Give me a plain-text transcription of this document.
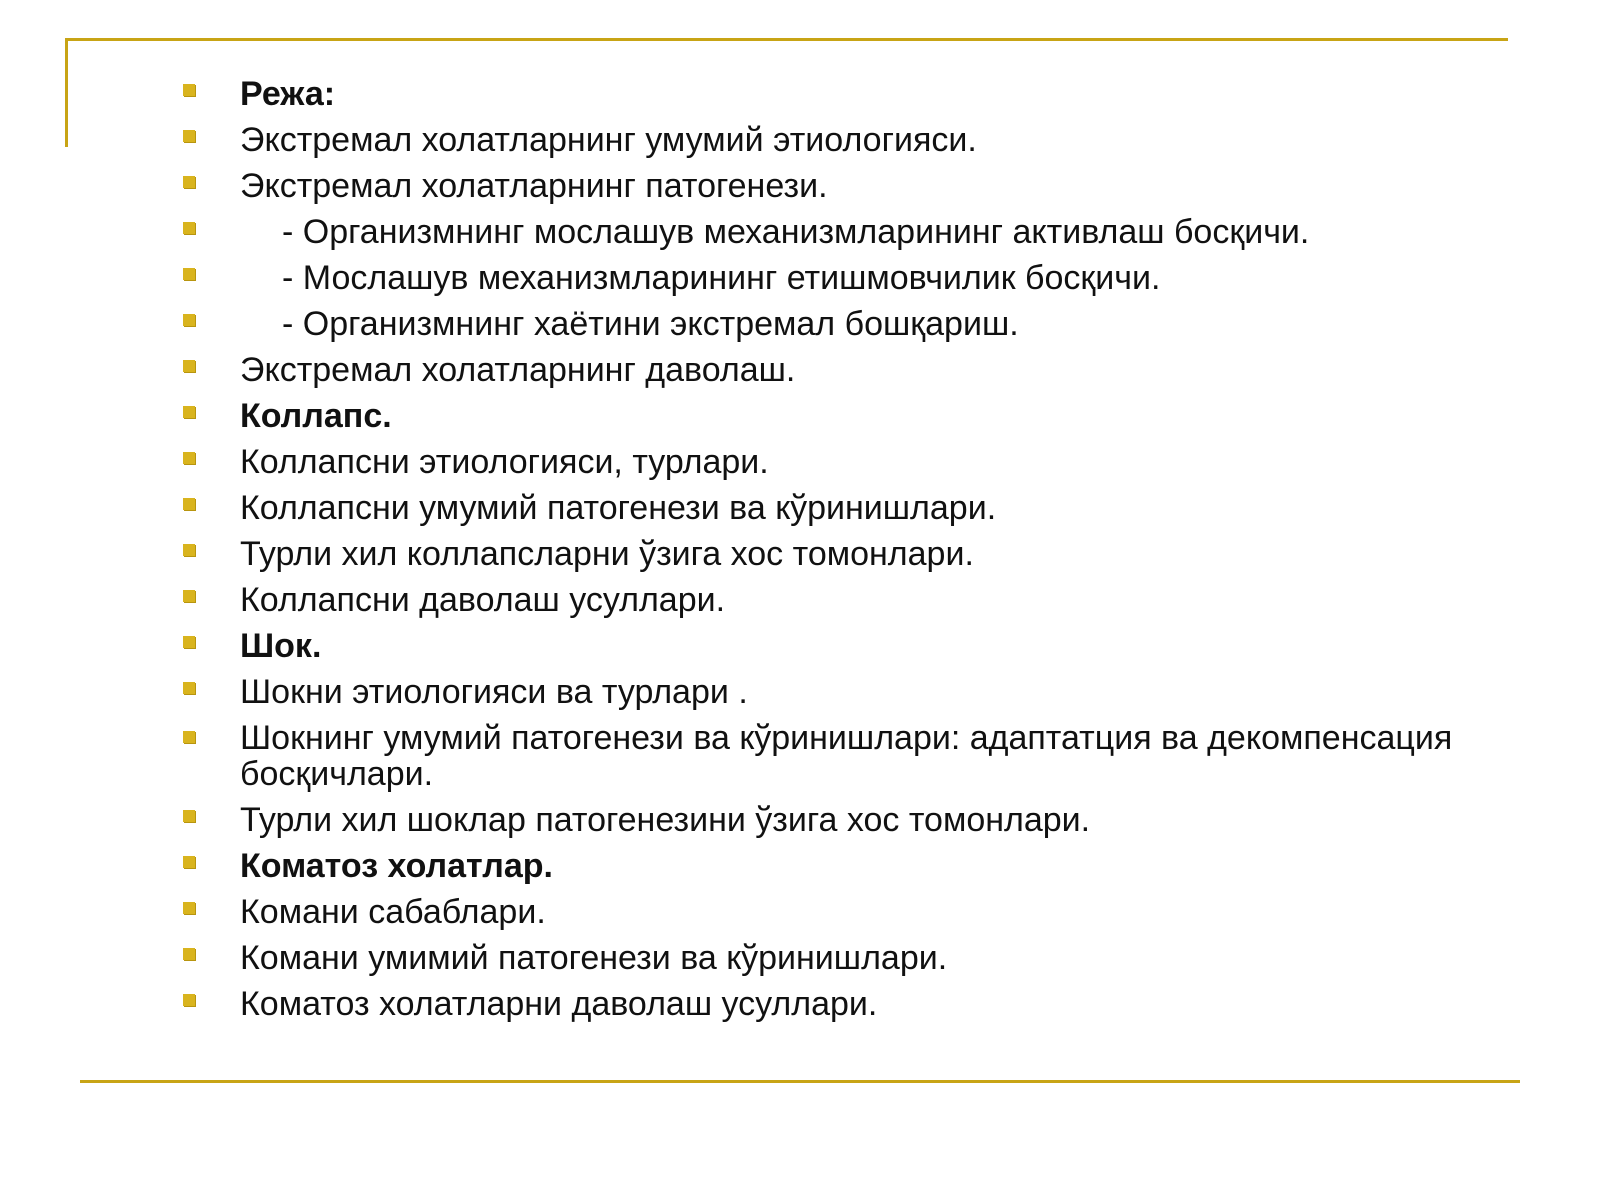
Режа:
Экстремал холатларнинг умумий этиологияси.
Экстремал холатларнинг патогенези.
- Организмнинг мослашув механизмларининг активлаш босқичи.
- Мослашув механизмларининг етишмовчилик босқичи.
- Организмнинг хаётини экстремал бошқариш.
Экстремал холатларнинг даволаш.
Коллапс.
Коллапсни этиологияси, турлари.
Коллапсни умумий патогенези ва кўринишлари.
Турли хил коллапсларни ўзига хос томонлари.
Коллапсни даволаш усуллари.
Шок.
Шокни этиологияси ва турлари .
Шокнинг умумий патогенези ва кўринишлари: адаптатция ва декомпенсация босқичлари.
Турли хил шоклар патогенезини ўзига хос томонлари.
Коматоз холатлар.
Комани сабаблари.
Комани умимий патогенези ва кўринишлари.
Коматоз холатларни даволаш усуллари.
